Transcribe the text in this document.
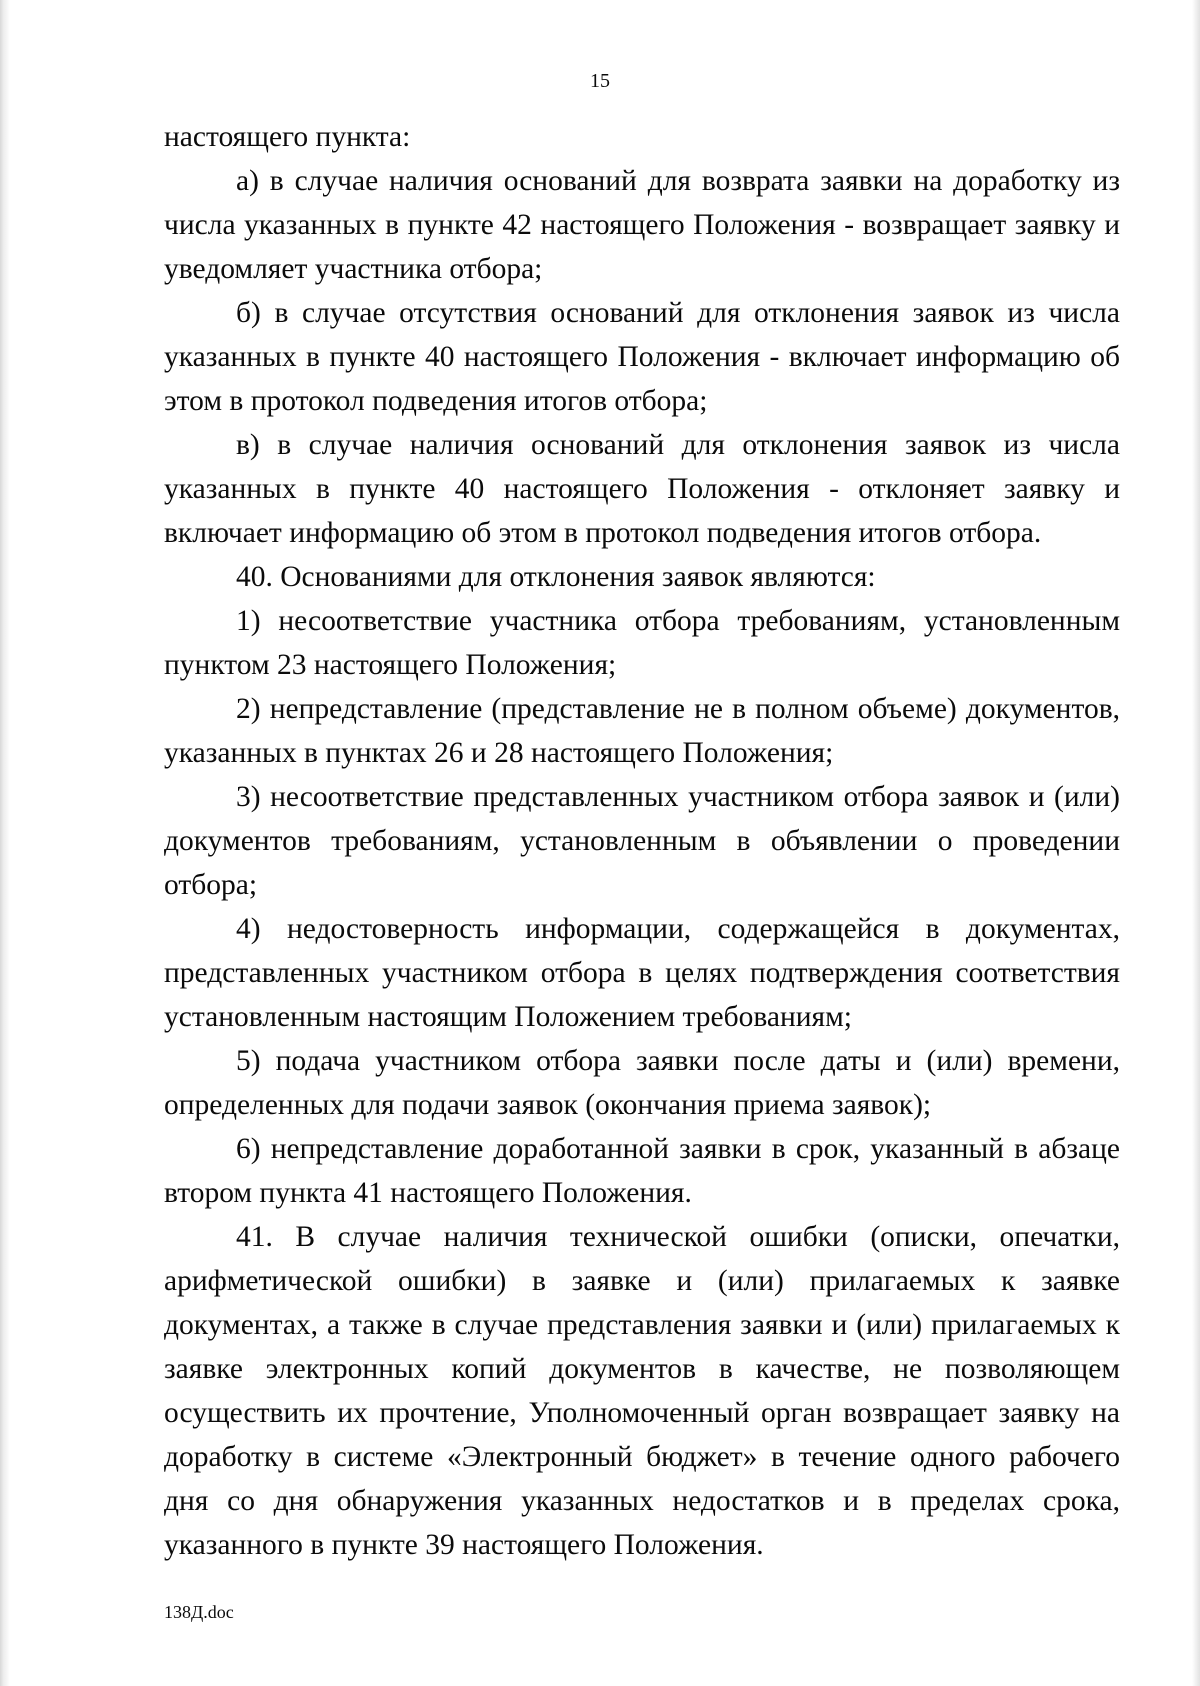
15

настоящего пункта:

а) в случае наличия оснований для возврата заявки на доработку из числа указанных в пункте 42 настоящего Положения - возвращает заявку и уведомляет участника отбора;

б) в случае отсутствия оснований для отклонения заявок из числа указанных в пункте 40 настоящего Положения - включает информацию об этом в протокол подведения итогов отбора;

в) в случае наличия оснований для отклонения заявок из числа указанных в пункте 40 настоящего Положения - отклоняет заявку и включает информацию об этом в протокол подведения итогов отбора.

40. Основаниями для отклонения заявок являются:

1) несоответствие участника отбора требованиям, установленным пунктом 23 настоящего Положения;

2) непредставление (представление не в полном объеме) документов, указанных в пунктах 26 и 28 настоящего Положения;

3) несоответствие представленных участником отбора заявок и (или) документов требованиям, установленным в объявлении о проведении отбора;

4) недостоверность информации, содержащейся в документах, представленных участником отбора в целях подтверждения соответствия установленным настоящим Положением требованиям;

5) подача участником отбора заявки после даты и (или) времени, определенных для подачи заявок (окончания приема заявок);

6) непредставление доработанной заявки в срок, указанный в абзаце втором пункта 41 настоящего Положения.

41. В случае наличия технической ошибки (описки, опечатки, арифметической ошибки) в заявке и (или) прилагаемых к заявке документах, а также в случае представления заявки и (или) прилагаемых к заявке электронных копий документов в качестве, не позволяющем осуществить их прочтение, Уполномоченный орган возвращает заявку на доработку в системе «Электронный бюджет» в течение одного рабочего дня со дня обнаружения указанных недостатков и в пределах срока, указанного в пункте 39 настоящего Положения.

138Д.doc
